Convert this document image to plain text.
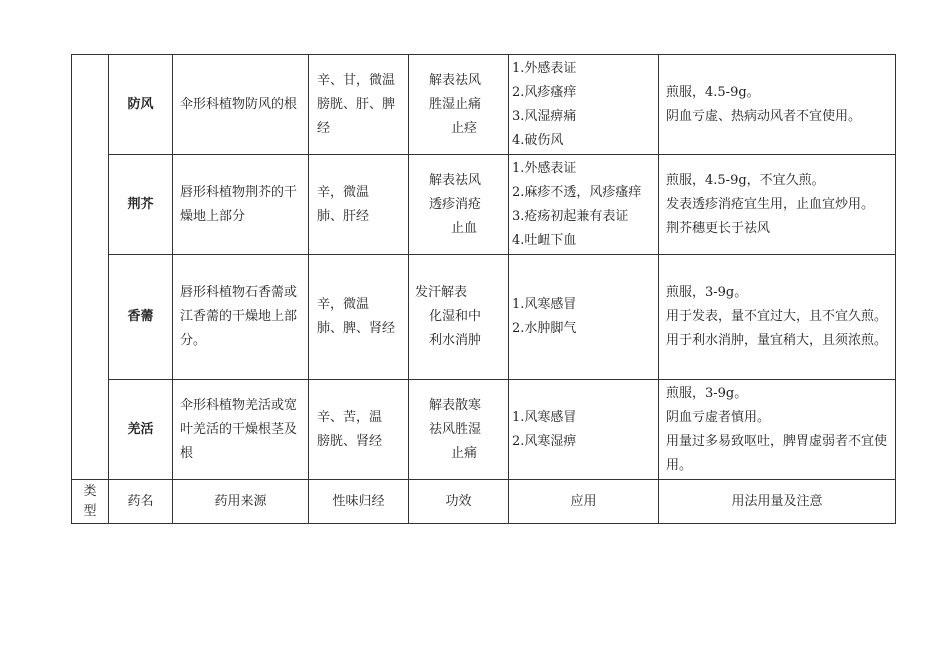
	防风	伞形科植物防风的根	辛、甘，微温
膀胱、肝、脾
经	解表祛风
胜湿止痛
止痉	1.外感表证
2.风疹瘙痒
3.风湿痹痛
4.破伤风	煎服，4.5-9g。
阴血亏虚、热病动风者不宜使用。

	荆芥	唇形科植物荆芥的干燥地上部分	辛，微温
肺、肝经	解表祛风
透疹消疮
止血	1.外感表证
2.麻疹不透，风疹瘙痒
3.疮疡初起兼有表证
4.吐衄下血	煎服，4.5-9g，不宜久煎。
发表透疹消疮宜生用，止血宜炒用。
荆芥穗更长于祛风

	香薷	唇形科植物石香薷或江香薷的干燥地上部分。	辛，微温
肺、脾、肾经	发汗解表
化湿和中
利水消肿	1.风寒感冒
2.水肿脚气	煎服，3-9g。
用于发表，量不宜过大，且不宜久煎。
用于利水消肿，量宜稍大，且须浓煎。

	羌活	伞形科植物羌活或宽叶羌活的干燥根茎及根	辛、苦，温
膀胱、肾经	解表散寒
祛风胜湿
止痛	1.风寒感冒
2.风寒湿痹	煎服，3-9g。
阴血亏虚者慎用。
用量过多易致呕吐，脾胃虚弱者不宜使用。

类
型	药名	药用来源	性味归经	功效	应用	用法用量及注意
